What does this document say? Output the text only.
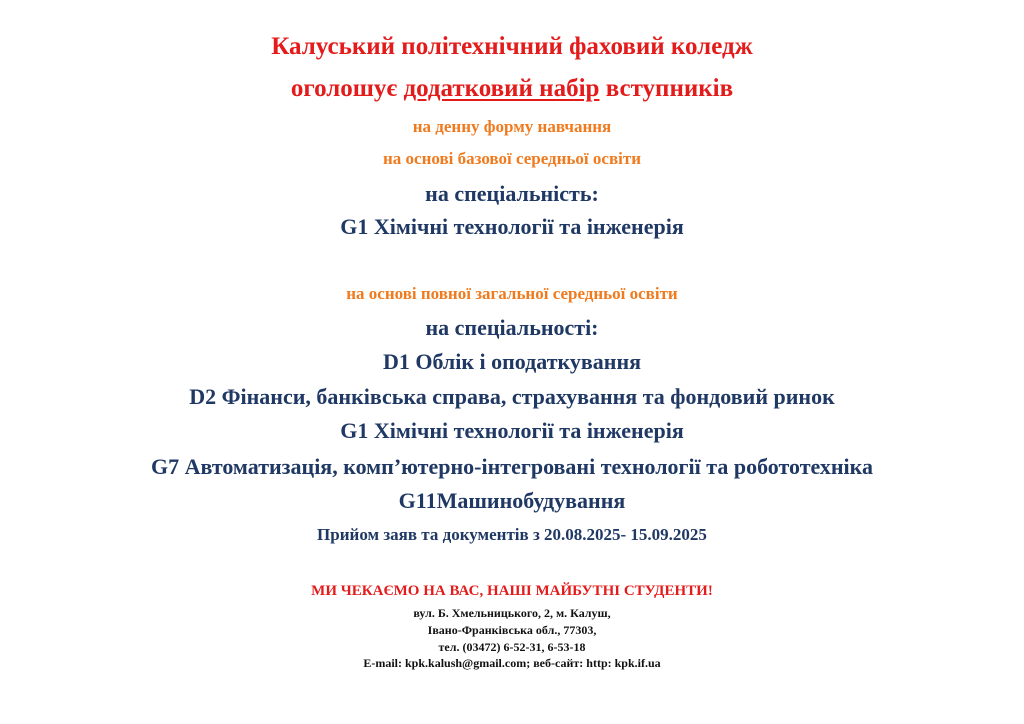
Калуський політехнічний фаховий коледж
оголошує додатковий набір вступників
на денну форму навчання
на основі базової середньої освіти
на спеціальність:
G1 Хімічні технології та інженерія
на основі повної загальної середньої освіти
на спеціальності:
D1 Облік і оподаткування
D2 Фінанси, банківська справа, страхування та фондовий ринок
G1 Хімічні технології та інженерія
G7 Автоматизація, комп’ютерно-інтегровані технології та робототехніка
G11Машинобудування
Прийом заяв та документів з 20.08.2025- 15.09.2025
МИ ЧЕКАЄМО НА ВАС, НАШІ МАЙБУТНІ СТУДЕНТИ!
вул. Б. Хмельницького, 2, м. Калуш,
Івано-Франківська обл., 77303,
тел. (03472) 6-52-31, 6-53-18
E-mail: kpk.kalush@gmail.com; веб-сайт: http: kpk.if.ua
